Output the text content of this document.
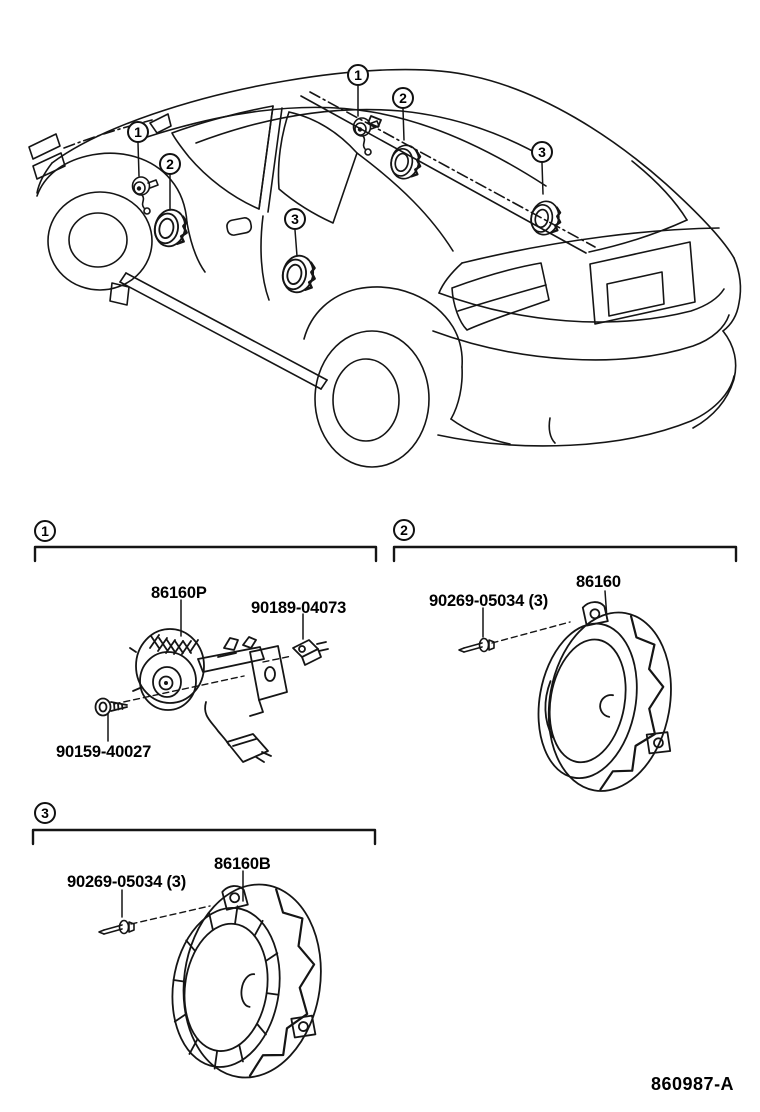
1
2
3
1
2
3
1	2
3
86160P
90189-04073
90159-40027
90269-05034 (3)
86160
90269-05034 (3)
86160B
860987-A
